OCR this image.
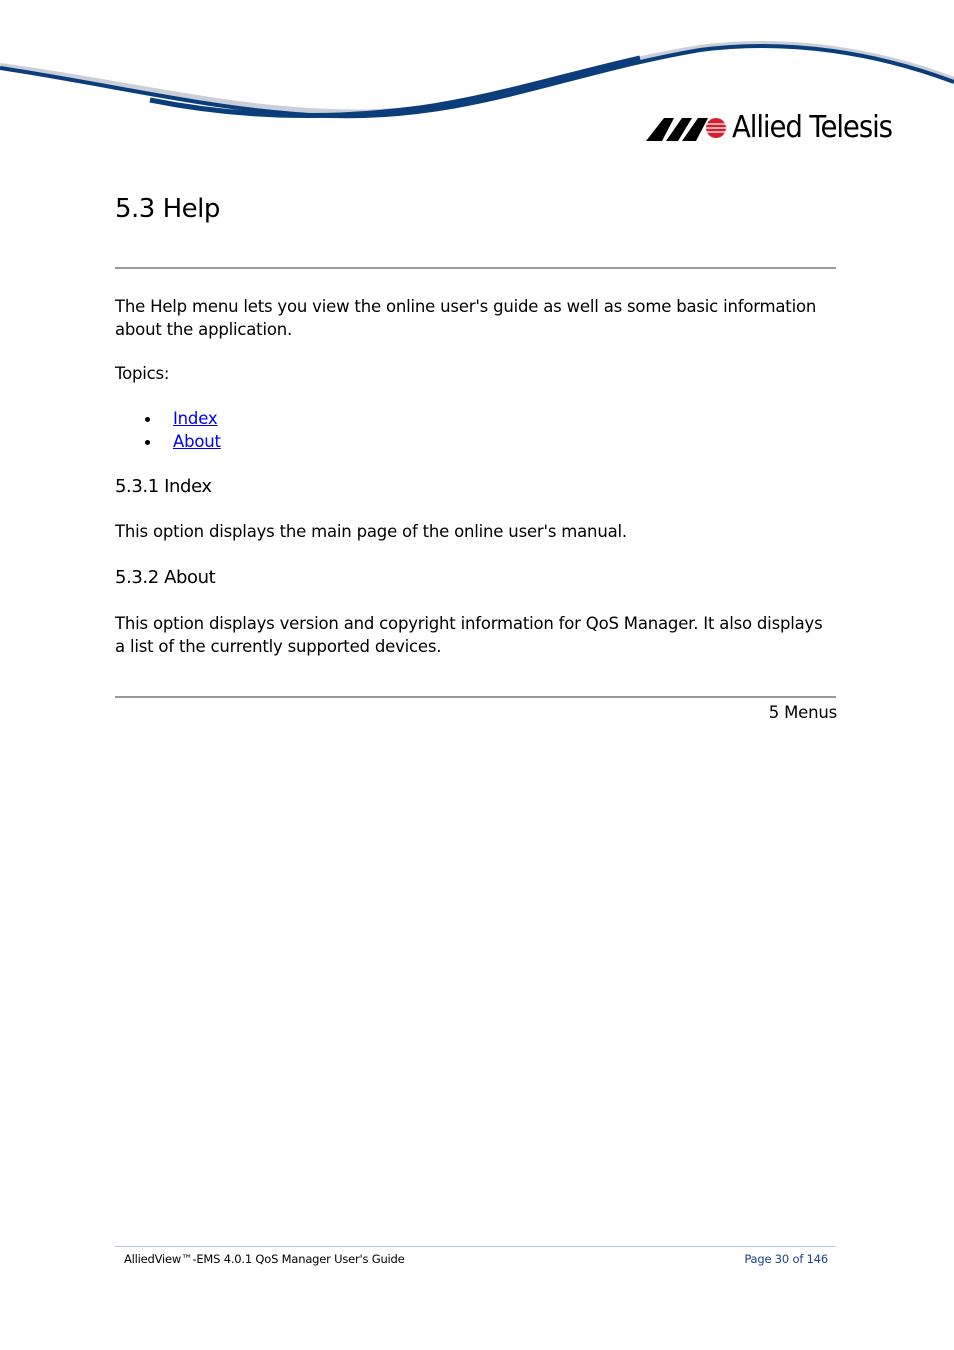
Allied Telesis
5.3 Help

The Help menu lets you view the online user's guide as well as some basic information about the application.

Topics:

Index
About
5.3.1 Index

This option displays the main page of the online user's manual.

5.3.2 About

This option displays version and copyright information for QoS Manager. It also displays a list of the currently supported devices.

5 Menus
AlliedView™-EMS 4.0.1 QoS Manager User's Guide	Page 30 of 146
